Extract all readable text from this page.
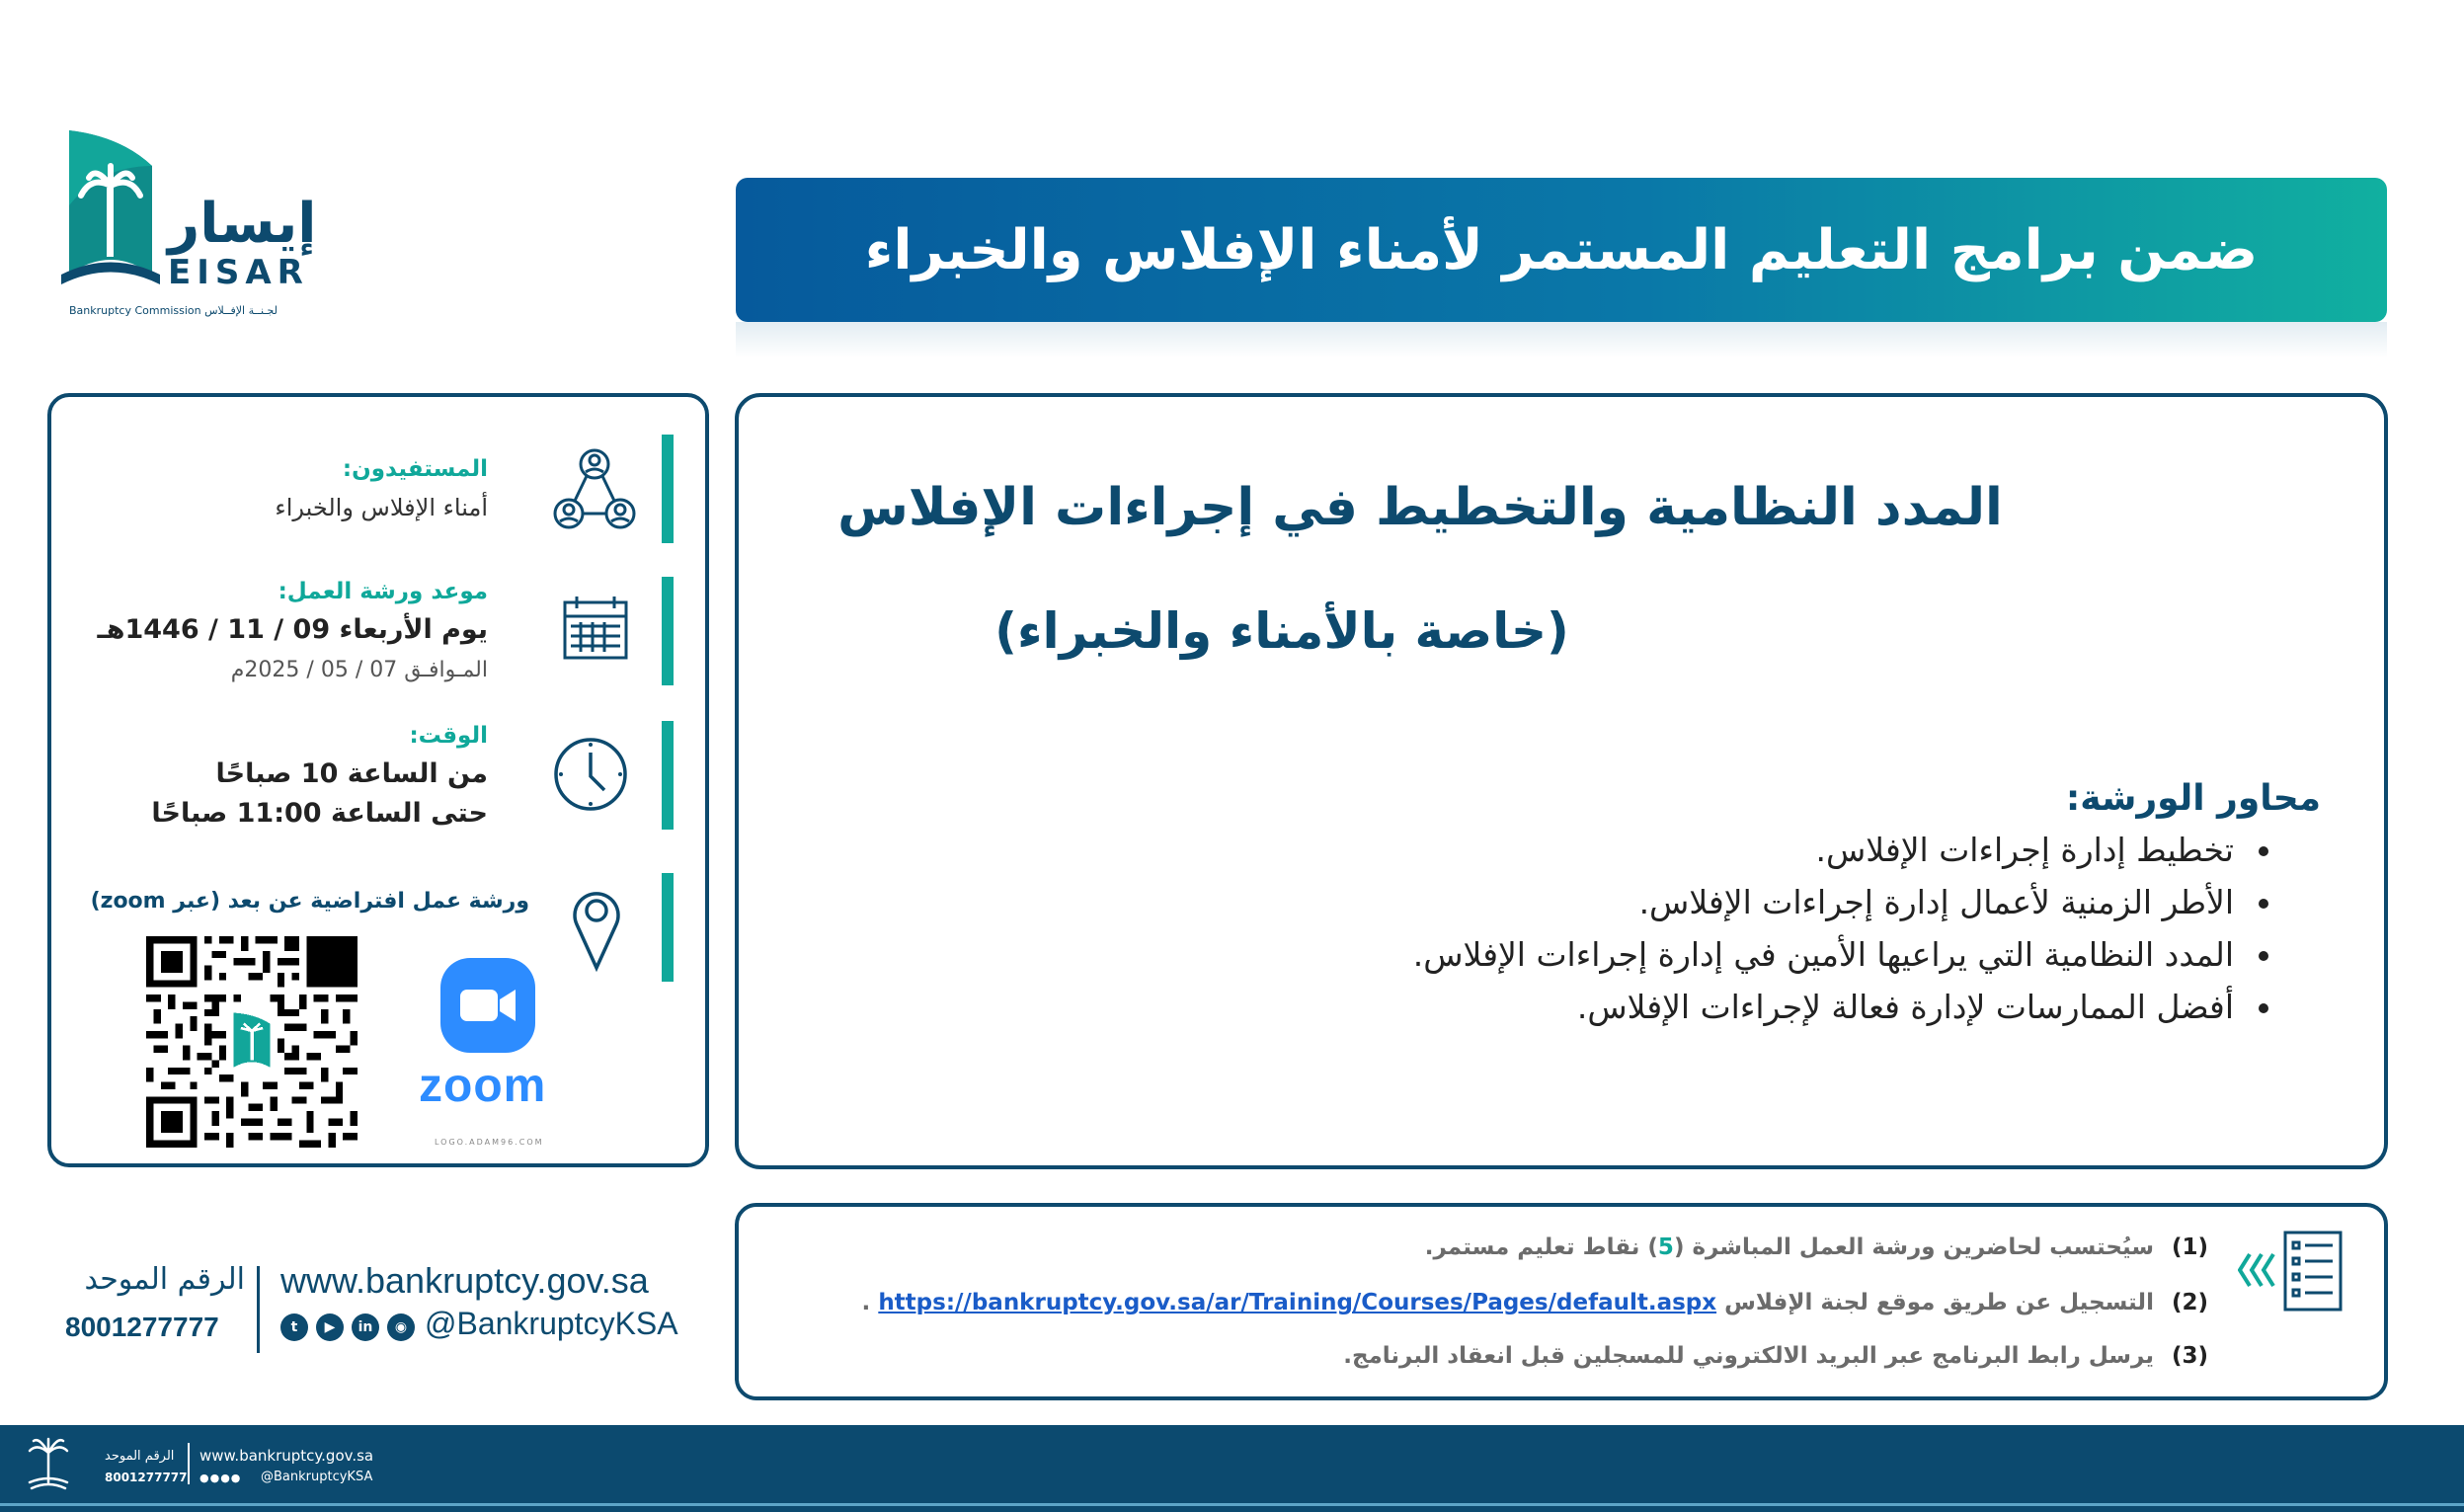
إيسار
EISAR
Bankruptcy Commission لجـنــة الإفــلاس
ضمن برامج التعليم المستمر لأمناء الإفلاس والخبراء
المستفيدون:
أمناء الإفلاس والخبراء
موعد ورشة العمل:
يوم الأربعاء 09 / 11 / 1446هـ
المـوافـق 07 / 05 / 2025م
الوقت:
من الساعة 10 صباحًا
حتى الساعة 11:00 صباحًا
ورشة عمل افتراضية عن بعد (عبر zoom)
zoom
LOGO.ADAM96.COM
المدد النظامية والتخطيط في إجراءات الإفلاس
(خاصة بالأمناء والخبراء)
محاور الورشة:
• تخطيط إدارة إجراءات الإفلاس.
• الأطر الزمنية لأعمال إدارة إجراءات الإفلاس.
• المدد النظامية التي يراعيها الأمين في إدارة إجراءات الإفلاس.
• أفضل الممارسات لإدارة فعالة لإجراءات الإفلاس.
(1)سيُحتسب لحاضرين ورشة العمل المباشرة (5) نقاط تعليم مستمر.
(2)التسجيل عن طريق موقع لجنة الإفلاس https://bankruptcy.gov.sa/ar/Training/Courses/Pages/default.aspx .
(3)يرسل رابط البرنامج عبر البريد الالكتروني للمسجلين قبل انعقاد البرنامج.
www.bankruptcy.gov.sa
@BankruptcyKSA
t	▶	in	◉
الرقم الموحد
8001277777
الرقم الموحد
8001277777
www.bankruptcy.gov.sa
@BankruptcyKSA
●●●●
